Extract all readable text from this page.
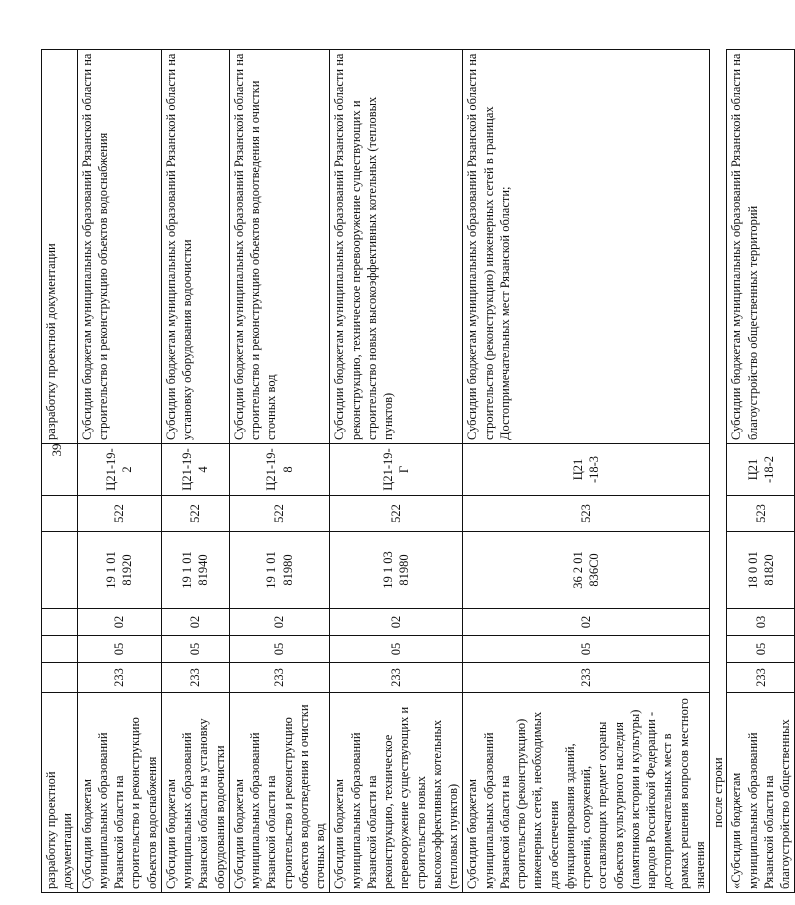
39
разработку проектной документации							разработку проектной документации
Субсидии бюджетам муниципальных образований Рязанской области на строительство и реконструкцию объектов водоснабжения	233	05	02	19 1 01 81920	522	Ц21-19-2	Субсидии бюджетам муниципальных образований Рязанской области на строительство и реконструкцию объектов водоснабжения
Субсидии бюджетам муниципальных образований Рязанской области на установку оборудования водоочистки	233	05	02	19 1 01 81940	522	Ц21-19-4	Субсидии бюджетам муниципальных образований Рязанской области на установку оборудования водоочистки
Субсидии бюджетам муниципальных образований Рязанской области на строительство и реконструкцию объектов водоотведения и очистки сточных вод	233	05	02	19 1 01 81980	522	Ц21-19-8	Субсидии бюджетам муниципальных образований Рязанской области на строительство и реконструкцию объектов водоотведения и очистки сточных вод
Субсидии бюджетам муниципальных образований Рязанской области на реконструкцию, техническое перевооружение существующих и строительство новых высокоэффективных котельных (тепловых пунктов)	233	05	02	19 1 03 81980	522	Ц21-19-Г	Субсидии бюджетам муниципальных образований Рязанской области на реконструкцию, техническое перевооружение существующих и строительство новых высокоэффективных котельных (тепловых пунктов)
Субсидии бюджетам муниципальных образований Рязанской области на строительство (реконструкцию) инженерных сетей, необходимых для обеспечения функционирования зданий, строений, сооружений, составляющих предмет охраны объектов культурного наследия (памятников истории и культуры) народов Российской Федерации - достопримечательных мест в рамках решения вопросов местного значения	233	05	02	36 2 01 836С0	523	Ц21 -18-3	Субсидии бюджетам муниципальных образований Рязанской области на строительство (реконструкцию) инженерных сетей в границах Достопримечательных мест Рязанской области;
после строки							
«Субсидии бюджетам муниципальных образований Рязанской области на благоустройство общественных	233	05	03	18 0 01 81820	523	Ц21 -18-2	Субсидии бюджетам муниципальных образований Рязанской области на благоустройство общественных территорий
